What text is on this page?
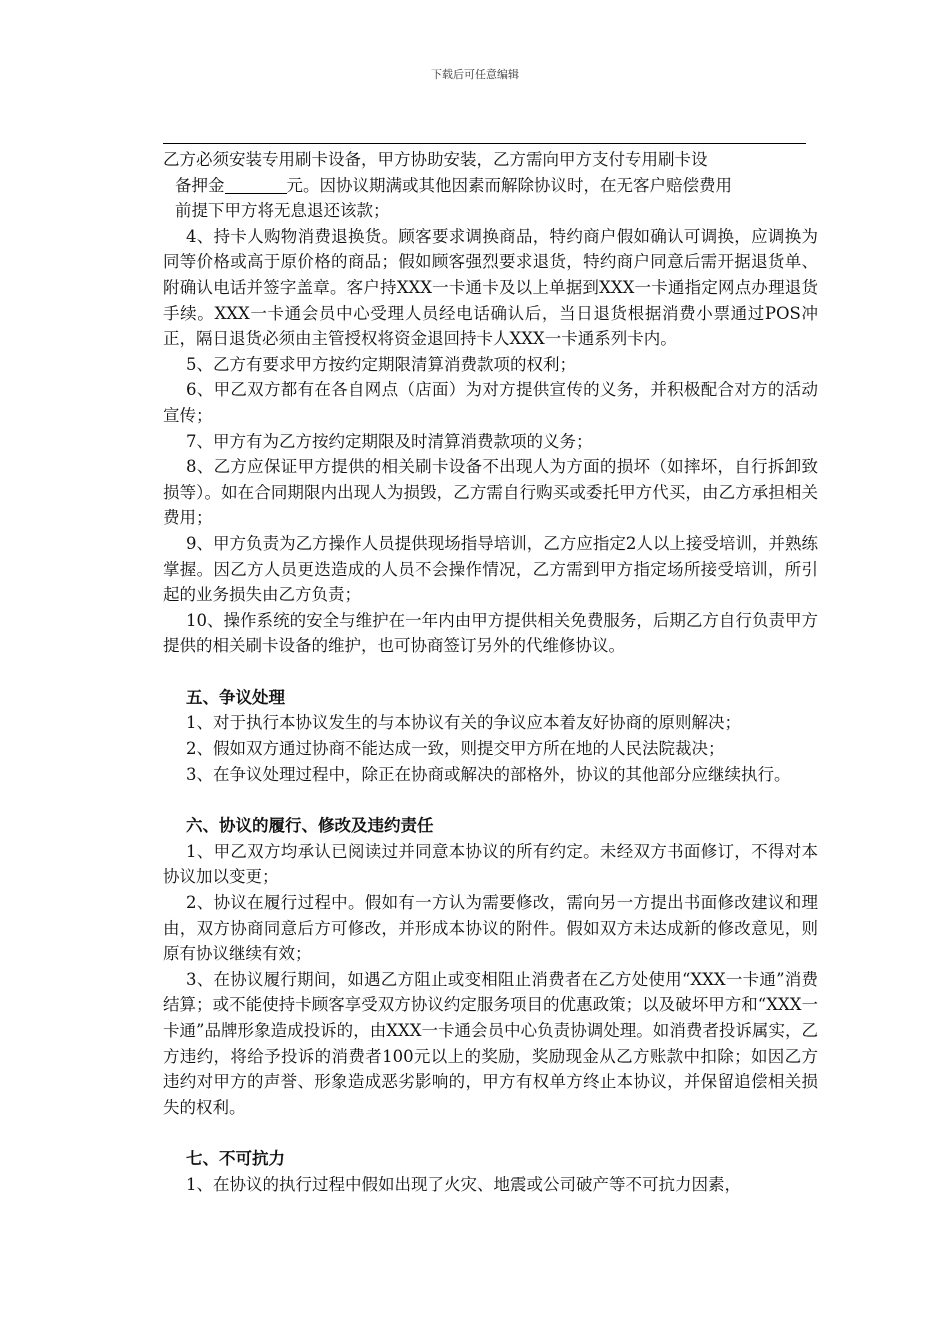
下载后可任意编辑

乙方必须安装专用刷卡设备，甲方协助安装，乙方需向甲方支付专用刷卡设

备押金	元。因协议期满或其他因素而解除协议时，在无客户赔偿费用

前提下甲方将无息退还该款；

4、持卡人购物消费退换货。顾客要求调换商品，特约商户假如确认可调换，应调换为同等价格或高于原价格的商品；假如顾客强烈要求退货，特约商户同意后需开据退货单、附确认电话并签字盖章。客户持XXX一卡通卡及以上单据到XXX一卡通指定网点办理退货手续。XXX一卡通会员中心受理人员经电话确认后，当日退货根据消费小票通过POS冲正，隔日退货必须由主管授权将资金退回持卡人XXX一卡通系列卡内。

5、乙方有要求甲方按约定期限清算消费款项的权利；

6、甲乙双方都有在各自网点（店面）为对方提供宣传的义务，并积极配合对方的活动宣传；

7、甲方有为乙方按约定期限及时清算消费款项的义务；

8、乙方应保证甲方提供的相关刷卡设备不出现人为方面的损坏（如摔坏，自行拆卸致损等）。如在合同期限内出现人为损毁，乙方需自行购买或委托甲方代买，由乙方承担相关费用；

9、甲方负责为乙方操作人员提供现场指导培训，乙方应指定2人以上接受培训，并熟练掌握。因乙方人员更迭造成的人员不会操作情况，乙方需到甲方指定场所接受培训，所引起的业务损失由乙方负责；

10、操作系统的安全与维护在一年内由甲方提供相关免费服务，后期乙方自行负责甲方提供的相关刷卡设备的维护，也可协商签订另外的代维修协议。

五、争议处理

1、对于执行本协议发生的与本协议有关的争议应本着友好协商的原则解决；

2、假如双方通过协商不能达成一致，则提交甲方所在地的人民法院裁决；

3、在争议处理过程中，除正在协商或解决的部格外，协议的其他部分应继续执行。

六、协议的履行、修改及违约责任

1、甲乙双方均承认已阅读过并同意本协议的所有约定。未经双方书面修订，不得对本协议加以变更；

2、协议在履行过程中。假如有一方认为需要修改，需向另一方提出书面修改建议和理由，双方协商同意后方可修改，并形成本协议的附件。假如双方未达成新的修改意见，则原有协议继续有效；

3、在协议履行期间，如遇乙方阻止或变相阻止消费者在乙方处使用“XXX一卡通”消费结算；或不能使持卡顾客享受双方协议约定服务项目的优惠政策；以及破坏甲方和“XXX一卡通”品牌形象造成投诉的，由XXX一卡通会员中心负责协调处理。如消费者投诉属实，乙方违约，将给予投诉的消费者100元以上的奖励，奖励现金从乙方账款中扣除；如因乙方违约对甲方的声誉、形象造成恶劣影响的，甲方有权单方终止本协议，并保留追偿相关损失的权利。

七、不可抗力

1、在协议的执行过程中假如出现了火灾、地震或公司破产等不可抗力因素，
